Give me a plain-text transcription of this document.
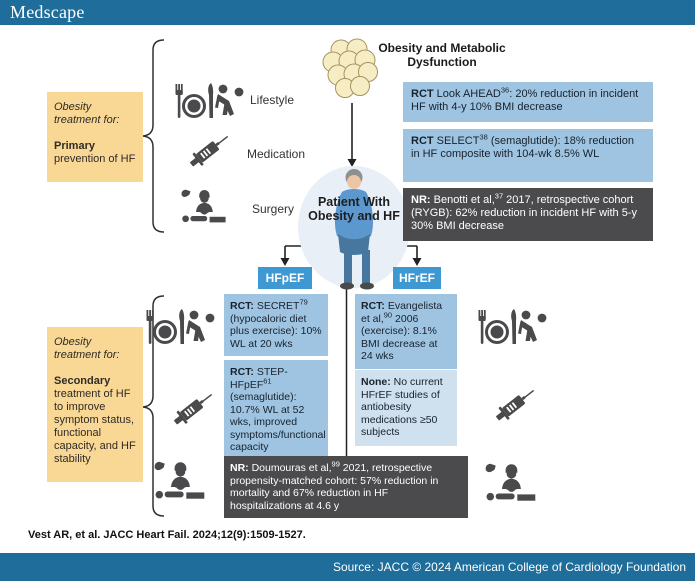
Medscape
Obesity and Metabolic Dysfunction
Obesity treatment for:
Primary prevention of HF
Lifestyle
Medication
Surgery	Patient With
Obesity and HF
RCT Look AHEAD$^{36}$: 20% reduction in incident HF with 4-y 10% BMI decrease
RCT SELECT$^{38}$ (semaglutide): 18% reduction in HF composite with 104-wk 8.5% WL
NR: Benotti et al,$^{37}$ 2017, retrospective cohort (RYGB): 62% reduction in incident HF with 5-y 30% BMI decrease
HFpEF	HFrEF
Obesity treatment for:
Secondary treatment of HF to improve symptom status, functional capacity, and HF stability
RCT: SECRET$^{79}$ (hypocaloric diet plus exercise): 10% WL at 20 wks
RCT: STEP-HFpEF$^{61}$ (semaglutide): 10.7% WL at 52 wks, improved symptoms/functional capacity
RCT: Evangelista et al,$^{90}$ 2006 (exercise): 8.1% BMI decrease at 24 wks
None: No current HFrEF studies of antiobesity medications ≥50 subjects
NR: Doumouras et al,$^{99}$ 2021, retrospective propensity-matched cohort: 57% reduction in mortality and 67% reduction in HF hospitalizations at 4.6 y
Vest AR, et al. JACC Heart Fail. 2024;12(9):1509-1527.
Source: JACC © 2024 American College of Cardiology Foundation
